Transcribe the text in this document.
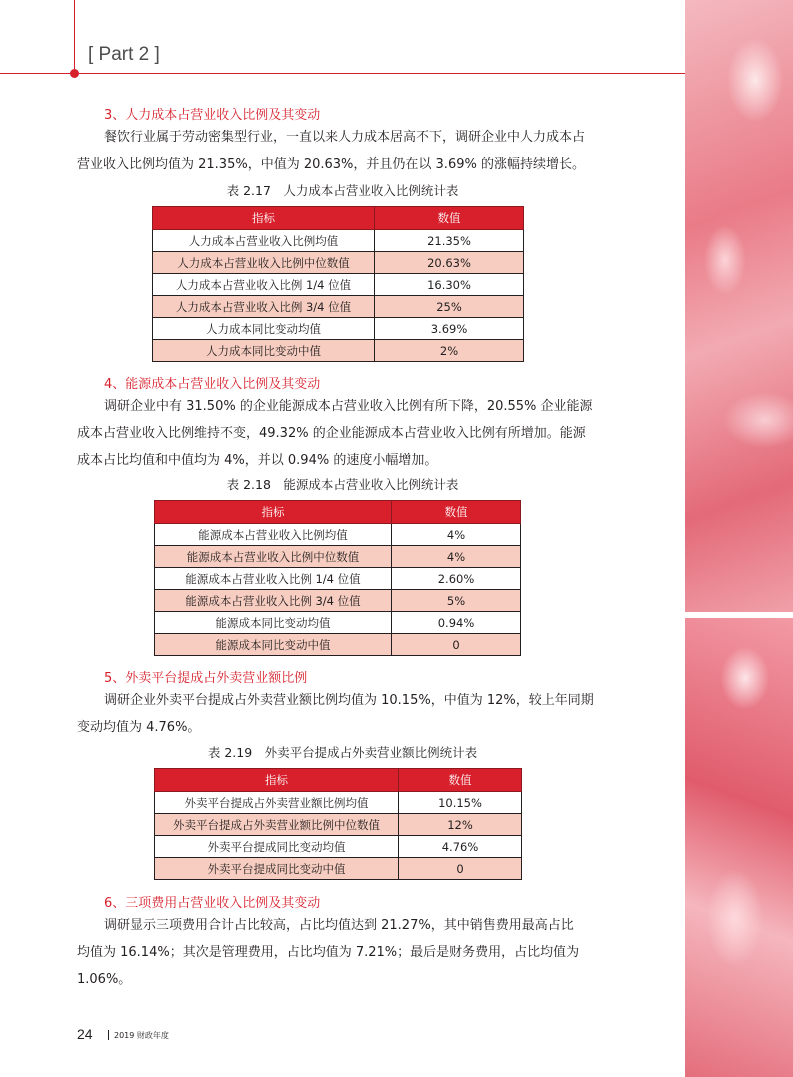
[ Part 2 ]
3、人力成本占营业收入比例及其变动
餐饮行业属于劳动密集型行业，一直以来人力成本居高不下，调研企业中人力成本占
营业收入比例均值为 21.35%，中值为 20.63%，并且仍在以 3.69% 的涨幅持续增长。
表 2.17　人力成本占营业收入比例统计表
指标	数值
人力成本占营业收入比例均值	21.35%
人力成本占营业收入比例中位数值	20.63%
人力成本占营业收入比例 1/4 位值	16.30%
人力成本占营业收入比例 3/4 位值	25%
人力成本同比变动均值	3.69%
人力成本同比变动中值	2%
4、能源成本占营业收入比例及其变动
调研企业中有 31.50% 的企业能源成本占营业收入比例有所下降，20.55% 企业能源
成本占营业收入比例维持不变，49.32% 的企业能源成本占营业收入比例有所增加。能源
成本占比均值和中值均为 4%，并以 0.94% 的速度小幅增加。
表 2.18　能源成本占营业收入比例统计表
指标	数值
能源成本占营业收入比例均值	4%
能源成本占营业收入比例中位数值	4%
能源成本占营业收入比例 1/4 位值	2.60%
能源成本占营业收入比例 3/4 位值	5%
能源成本同比变动均值	0.94%
能源成本同比变动中值	0
5、外卖平台提成占外卖营业额比例
调研企业外卖平台提成占外卖营业额比例均值为 10.15%，中值为 12%，较上年同期
变动均值为 4.76%。
表 2.19　外卖平台提成占外卖营业额比例统计表
指标	数值
外卖平台提成占外卖营业额比例均值	10.15%
外卖平台提成占外卖营业额比例中位数值	12%
外卖平台提成同比变动均值	4.76%
外卖平台提成同比变动中值	0
6、三项费用占营业收入比例及其变动
调研显示三项费用合计占比较高，占比均值达到 21.27%，其中销售费用最高占比
均值为 16.14%；其次是管理费用，占比均值为 7.21%；最后是财务费用，占比均值为
1.06%。
24	2019 财政年度
